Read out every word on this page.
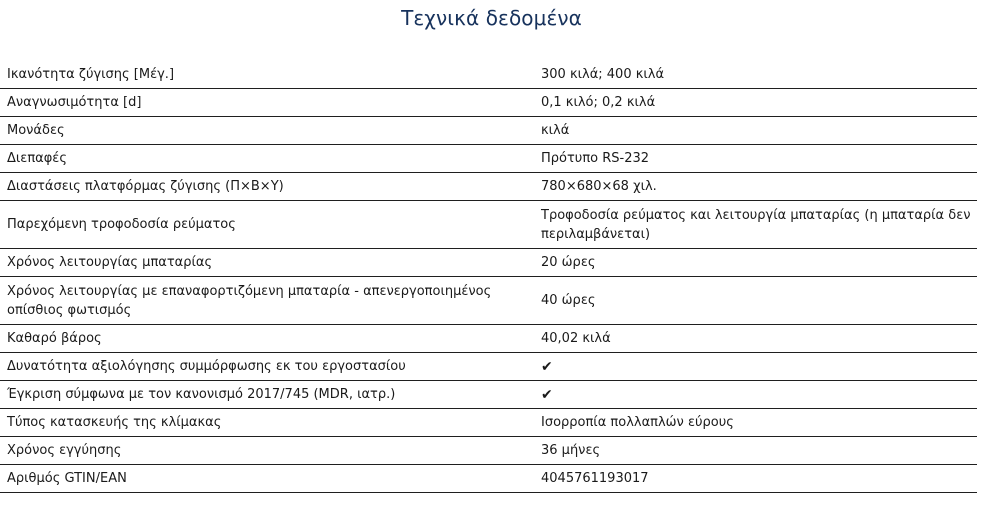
Τεχνικά δεδομένα
Ικανότητα ζύγισης [Μέγ.]	300 κιλά; 400 κιλά
Αναγνωσιμότητα [d]	0,1 κιλό; 0,2 κιλά
Μονάδες	κιλά
Διεπαφές	Πρότυπο RS-232
Διαστάσεις πλατφόρμας ζύγισης (Π×Β×Υ)	780×680×68 χιλ.
Παρεχόμενη τροφοδοσία ρεύματος	Τροφοδοσία ρεύματος και λειτουργία μπαταρίας (η μπαταρία δεν περιλαμβάνεται)
Χρόνος λειτουργίας μπαταρίας	20 ώρες
Χρόνος λειτουργίας με επαναφορτιζόμενη μπαταρία - απενεργοποιημένος οπίσθιος φωτισμός	40 ώρες
Καθαρό βάρος	40,02 κιλά
Δυνατότητα αξιολόγησης συμμόρφωσης εκ του εργοστασίου	✔
Έγκριση σύμφωνα με τον κανονισμό 2017/745 (MDR, ιατρ.)	✔
Τύπος κατασκευής της κλίμακας	Ισορροπία πολλαπλών εύρους
Χρόνος εγγύησης	36 μήνες
Αριθμός GTIN/EAN	4045761193017
